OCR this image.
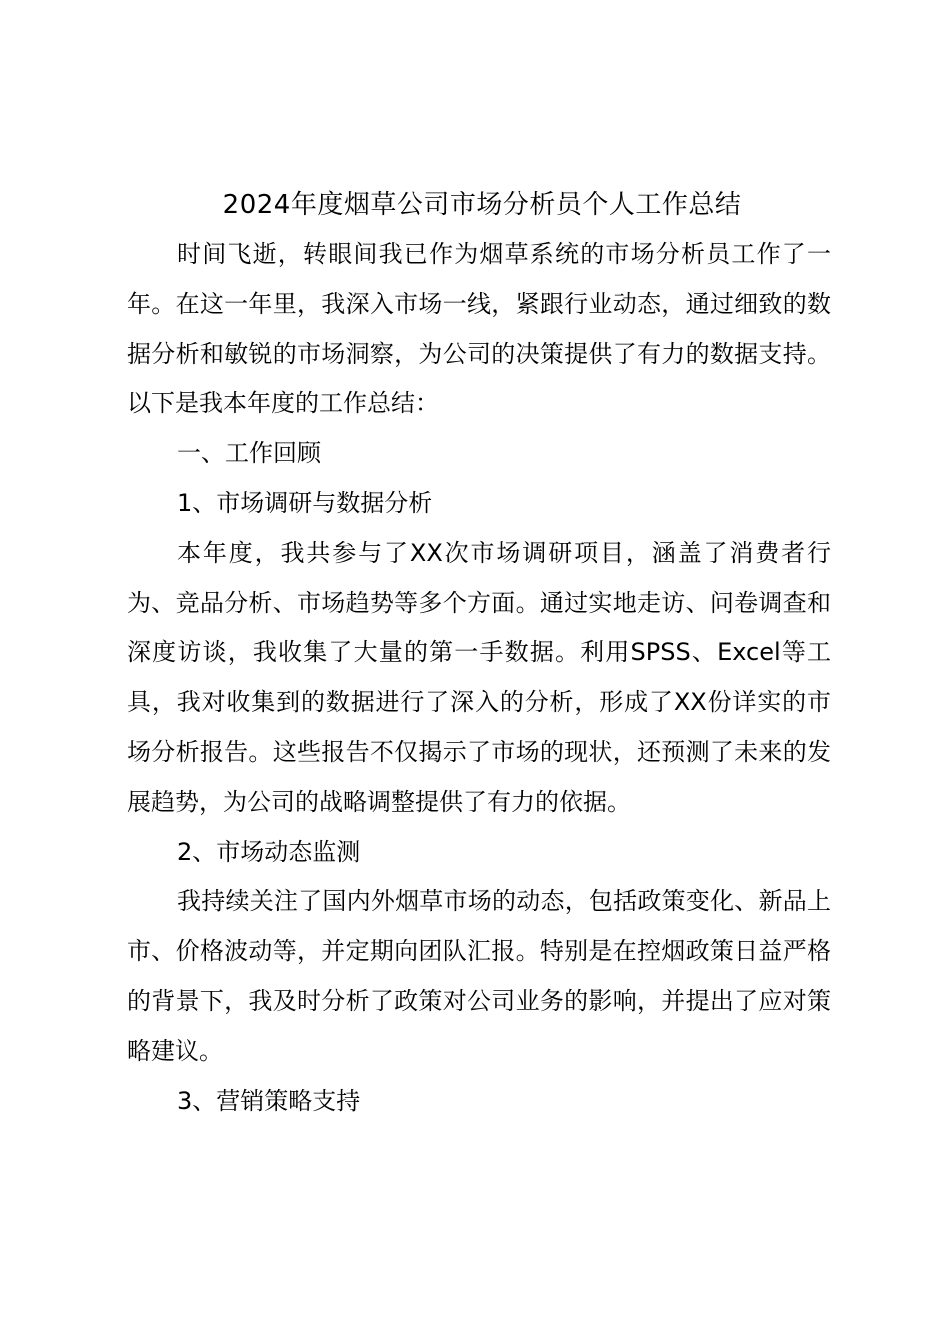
2024年度烟草公司市场分析员个人工作总结

时间飞逝，转眼间我已作为烟草系统的市场分析员工作了一年。在这一年里，我深入市场一线，紧跟行业动态，通过细致的数据分析和敏锐的市场洞察，为公司的决策提供了有力的数据支持。以下是我本年度的工作总结：

一、工作回顾

1、市场调研与数据分析

本年度，我共参与了XX次市场调研项目，涵盖了消费者行为、竞品分析、市场趋势等多个方面。通过实地走访、问卷调查和深度访谈，我收集了大量的第一手数据。利用SPSS、Excel等工具，我对收集到的数据进行了深入的分析，形成了XX份详实的市场分析报告。这些报告不仅揭示了市场的现状，还预测了未来的发展趋势，为公司的战略调整提供了有力的依据。

2、市场动态监测

我持续关注了国内外烟草市场的动态，包括政策变化、新品上市、价格波动等，并定期向团队汇报。特别是在控烟政策日益严格的背景下，我及时分析了政策对公司业务的影响，并提出了应对策略建议。

3、营销策略支持
